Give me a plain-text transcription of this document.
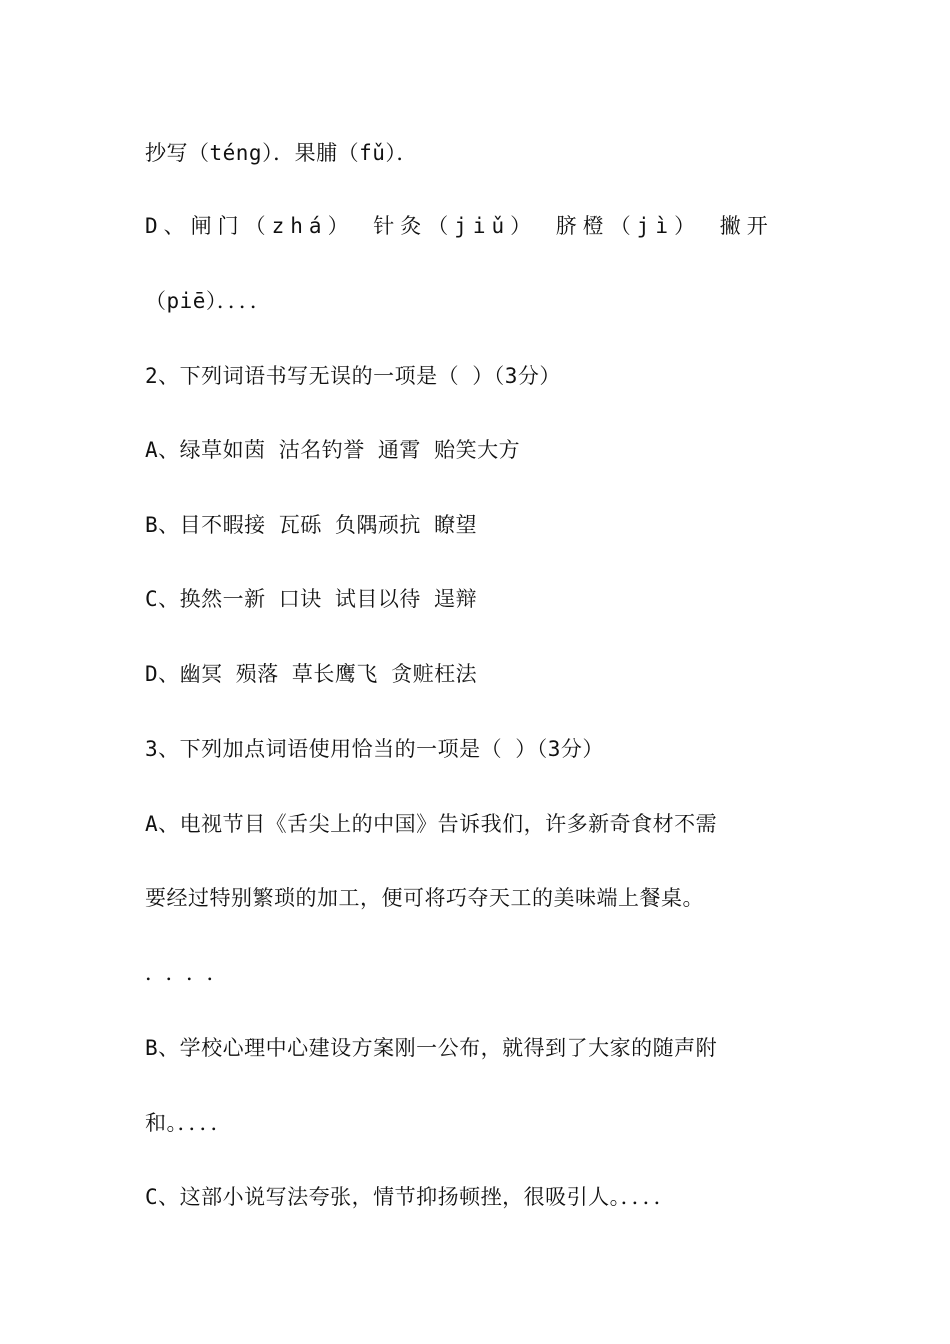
抄写（téng）．果脯（fǔ）．
D、闸门（zhá） 针灸（jiǔ） 脐橙（jì） 撇开
（piē）．．．．
2、下列词语书写无误的一项是（ ）（3分）
A、绿草如茵 沽名钓誉 通霄 贻笑大方
B、目不暇接 瓦砾 负隅顽抗 瞭望
C、换然一新 口诀 试目以待 逞辩
D、幽冥 殒落 草长鹰飞 贪赃枉法
3、下列加点词语使用恰当的一项是（ ）（3分）
A、电视节目《舌尖上的中国》告诉我们，许多新奇食材不需
要经过特别繁琐的加工，便可将巧夺天工的美味端上餐桌。
．．．．
B、学校心理中心建设方案刚一公布，就得到了大家的随声附
和。．．．．
C、这部小说写法夸张，情节抑扬顿挫，很吸引人。．．．．
